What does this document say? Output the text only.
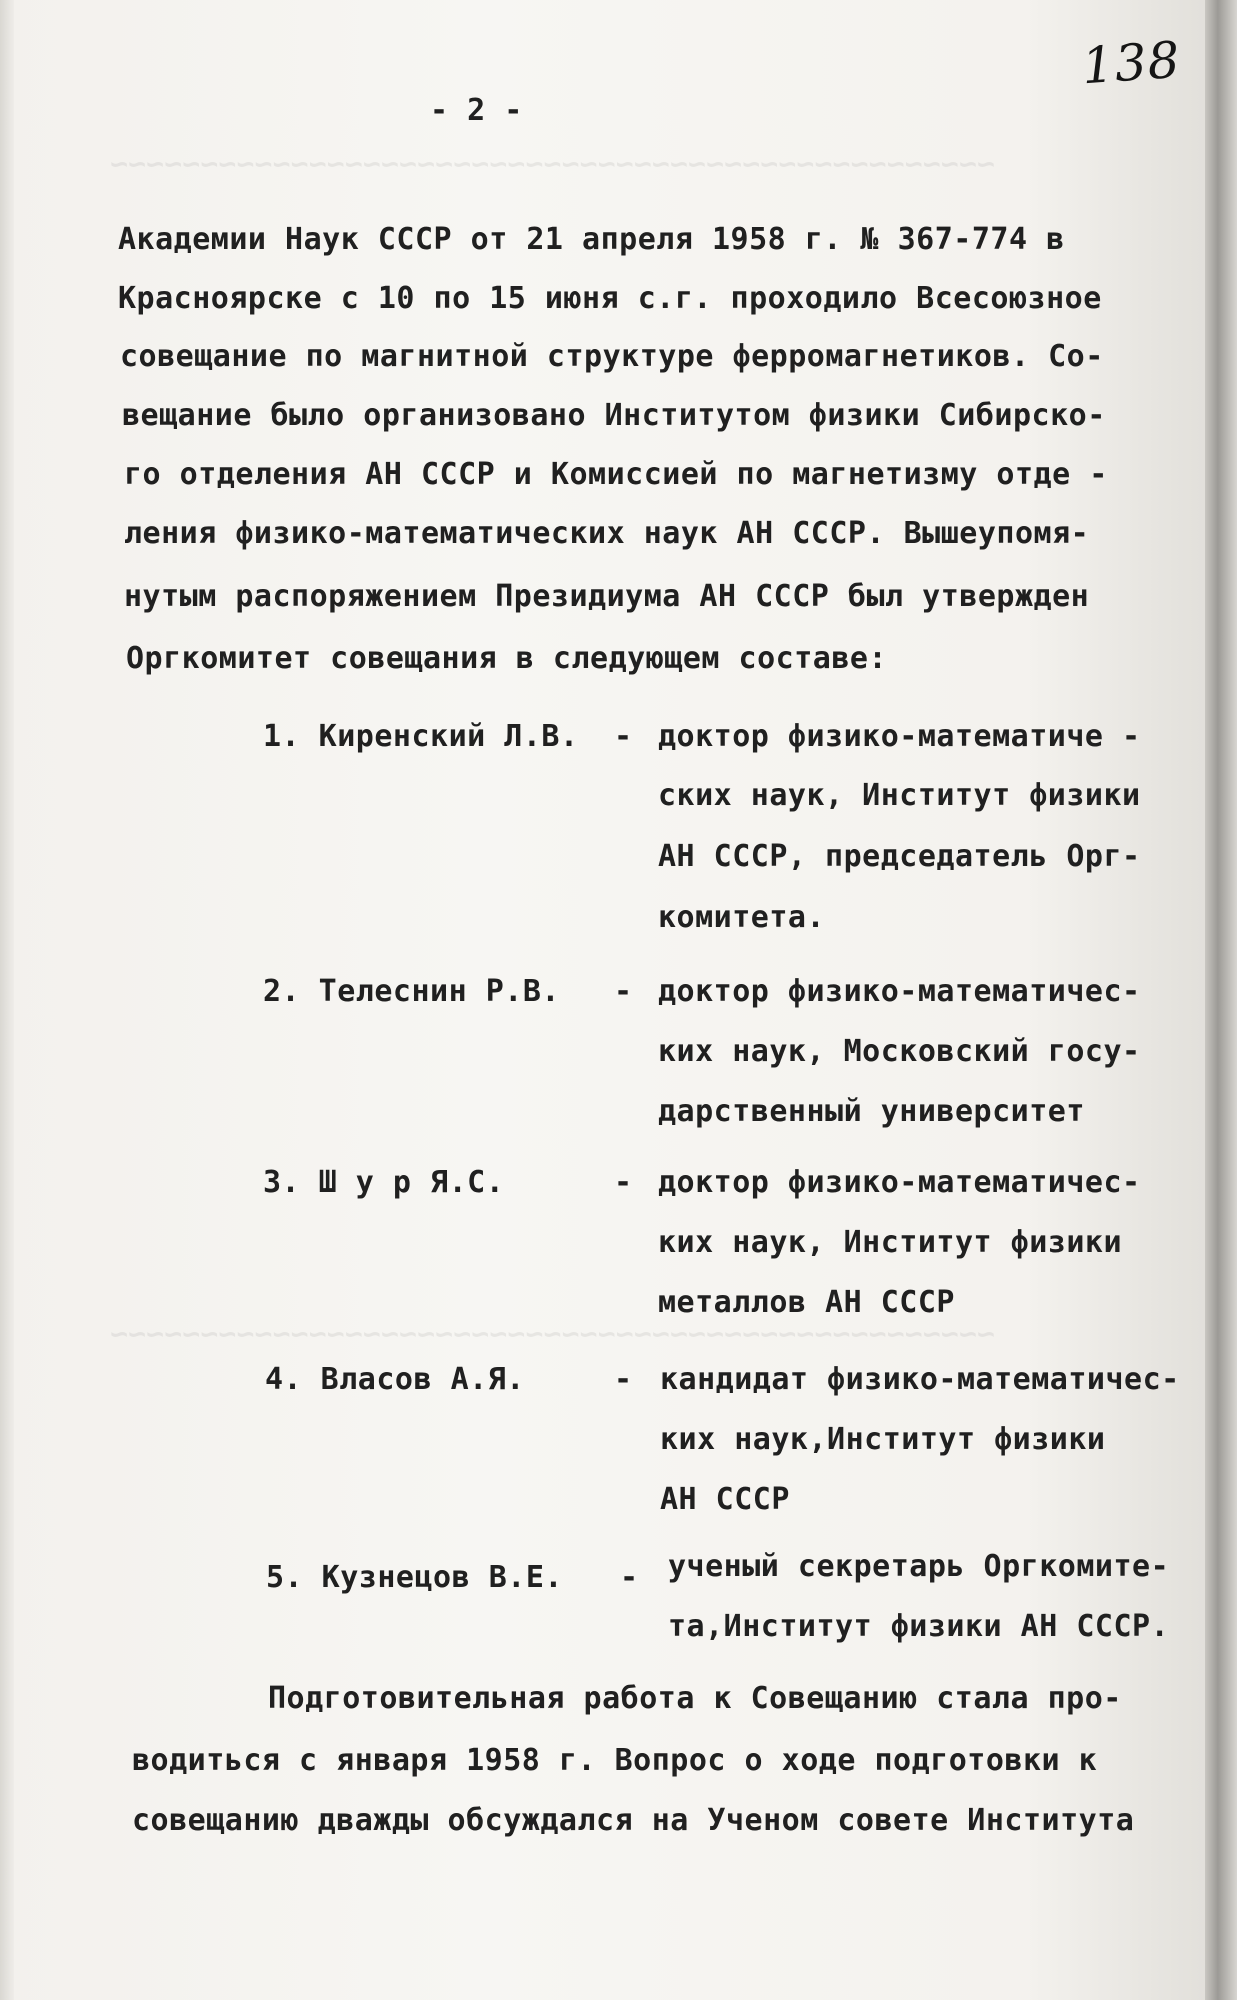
~~~~~~~~~~~~~~~~~~~~~~~~~~~~~~~~~~~~~~~~~~~~~~~~~
~~~~~~~~~~~~~~~~~~~~~~~~~~~~~~~~~~~~~~~~~~~~~~~~~
138
- 2 -
Академии Наук СССР от 21 апреля 1958 г. № 367-774 в
Красноярске с 10 по 15 июня с.г. проходило Всесоюзное
совещание по магнитной структуре ферромагнетиков. Со-
вещание было организовано Институтом физики Сибирско-
го отделения АН СССР и Комиссией по магнетизму отде -
ления физико-математических наук АН СССР. Вышеупомя-
нутым распоряжением Президиума АН СССР был утвержден
Оргкомитет совещания в следующем составе:
1. Киренский Л.В. - доктор физико-математиче -
ских наук, Институт физики
АН СССР, председатель Орг-
комитета.
2. Телеснин Р.В. - доктор физико-математичес-
ких наук, Московский госу-
дарственный университет
3. Ш у р Я.С.	- доктор физико-математичес-
ких наук, Институт физики
металлов АН СССР
4. Власов А.Я.	- кандидат физико-математичес-
ких наук,Институт физики
АН СССР
5. Кузнецов В.Е. - ученый секретарь Оргкомите-
та,Институт физики АН СССР.
Подготовительная работа к Совещанию стала про-
водиться с января 1958 г. Вопрос о ходе подготовки к
совещанию дважды обсуждался на Ученом совете Института
